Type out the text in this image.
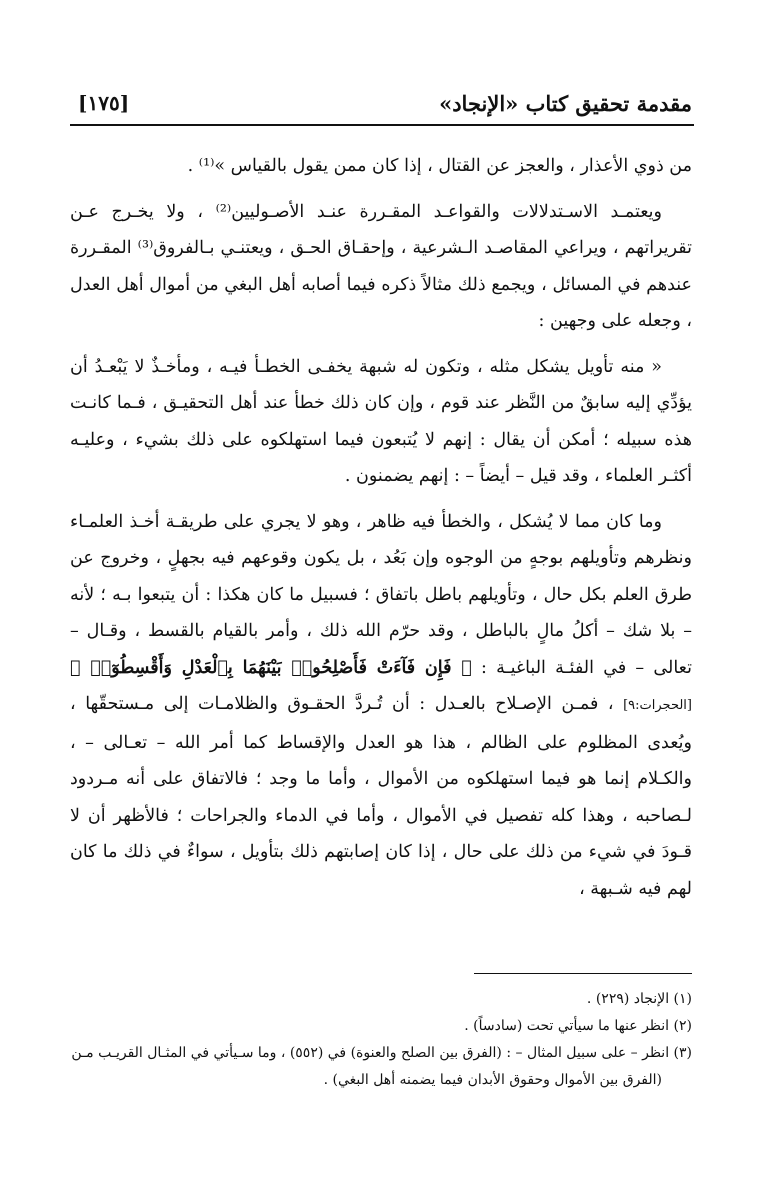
مقدمة تحقيق كتاب «الإنجاد»
[١٧٥]

من ذوي الأعذار ، والعجز عن القتال ، إذا كان ممن يقول بالقياس »⁽¹⁾ .

ويعتمـد الاسـتدلالات والقواعـد المقـررة عنـد الأصـوليين⁽²⁾ ، ولا يخـرج عـن تقريراتهم ، ويراعي المقاصـد الـشرعية ، وإحقـاق الحـق ، ويعتنـي بـالفروق⁽³⁾ المقـررة عندهم في المسائل ، ويجمع ذلك مثالاً ذكره فيما أصابه أهل البغي من أموال أهل العدل ، وجعله على وجهين :

« منه تأويل يشكل مثله ، وتكون له شبهة يخفـى الخطـأ فيـه ، ومأخـذٌ لا يَبْعـدُ أن يؤدِّي إليه سابقٌ من النَّظر عند قوم ، وإن كان ذلك خطأ عند أهل التحقيـق ، فـما كانـت هذه سبيله ؛ أمكن أن يقال : إنهم لا يُتبعون فيما استهلكوه على ذلك بشيء ، وعليـه أكثـر العلماء ، وقد قيل – أيضاً – : إنهم يضمنون .

وما كان مما لا يُشكل ، والخطأ فيه ظاهر ، وهو لا يجري على طريقـة أخـذ العلمـاء ونظرهم وتأويلهم بوجهٍ من الوجوه وإن بَعُد ، بل يكون وقوعهم فيه بجهلٍ ، وخروج عن طرق العلم بكل حال ، وتأويلهم باطل باتفاق ؛ فسبيل ما كان هكذا : أن يتبعوا بـه ؛ لأنه – بلا شك – أكلُ مالٍ بالباطل ، وقد حرّم الله ذلك ، وأمر بالقيام بالقسط ، وقـال – تعالى – في الفئـة الباغيـة : ﴿ فَإِن فَآءَتْ فَأَصْلِحُوا۟ بَيْنَهُمَا بِٱلْعَدْلِ وَأَقْسِطُوٓا۟ ﴾ [الحجرات:٩] ، فمـن الإصـلاح بالعـدل : أن تُـردَّ الحقـوق والظلامـات إلى مـستحقّها ، ويُعدى المظلوم على الظالم ، هذا هو العدل والإقساط كما أمر الله – تعـالى – ، والكـلام إنما هو فيما استهلكوه من الأموال ، وأما ما وجد ؛ فالاتفاق على أنه مـردود لـصاحبه ، وهذا كله تفصيل في الأموال ، وأما في الدماء والجراحات ؛ فالأظهر أن لا قـودَ في شيء من ذلك على حال ، إذا كان إصابتهم ذلك بتأويل ، سواءٌ في ذلك ما كان لهم فيه شـبهة ،

(١) الإنجاد (٢٢٩) .

(٢) انظر عنها ما سيأتي تحت (سادساً) .

(٣) انظر – على سبيل المثال – : (الفرق بين الصلح والعنوة) في (٥٥٢) ، وما سـيأتي في المثـال القريـب مـن

(الفرق بين الأموال وحقوق الأبدان فيما يضمنه أهل البغي) .
